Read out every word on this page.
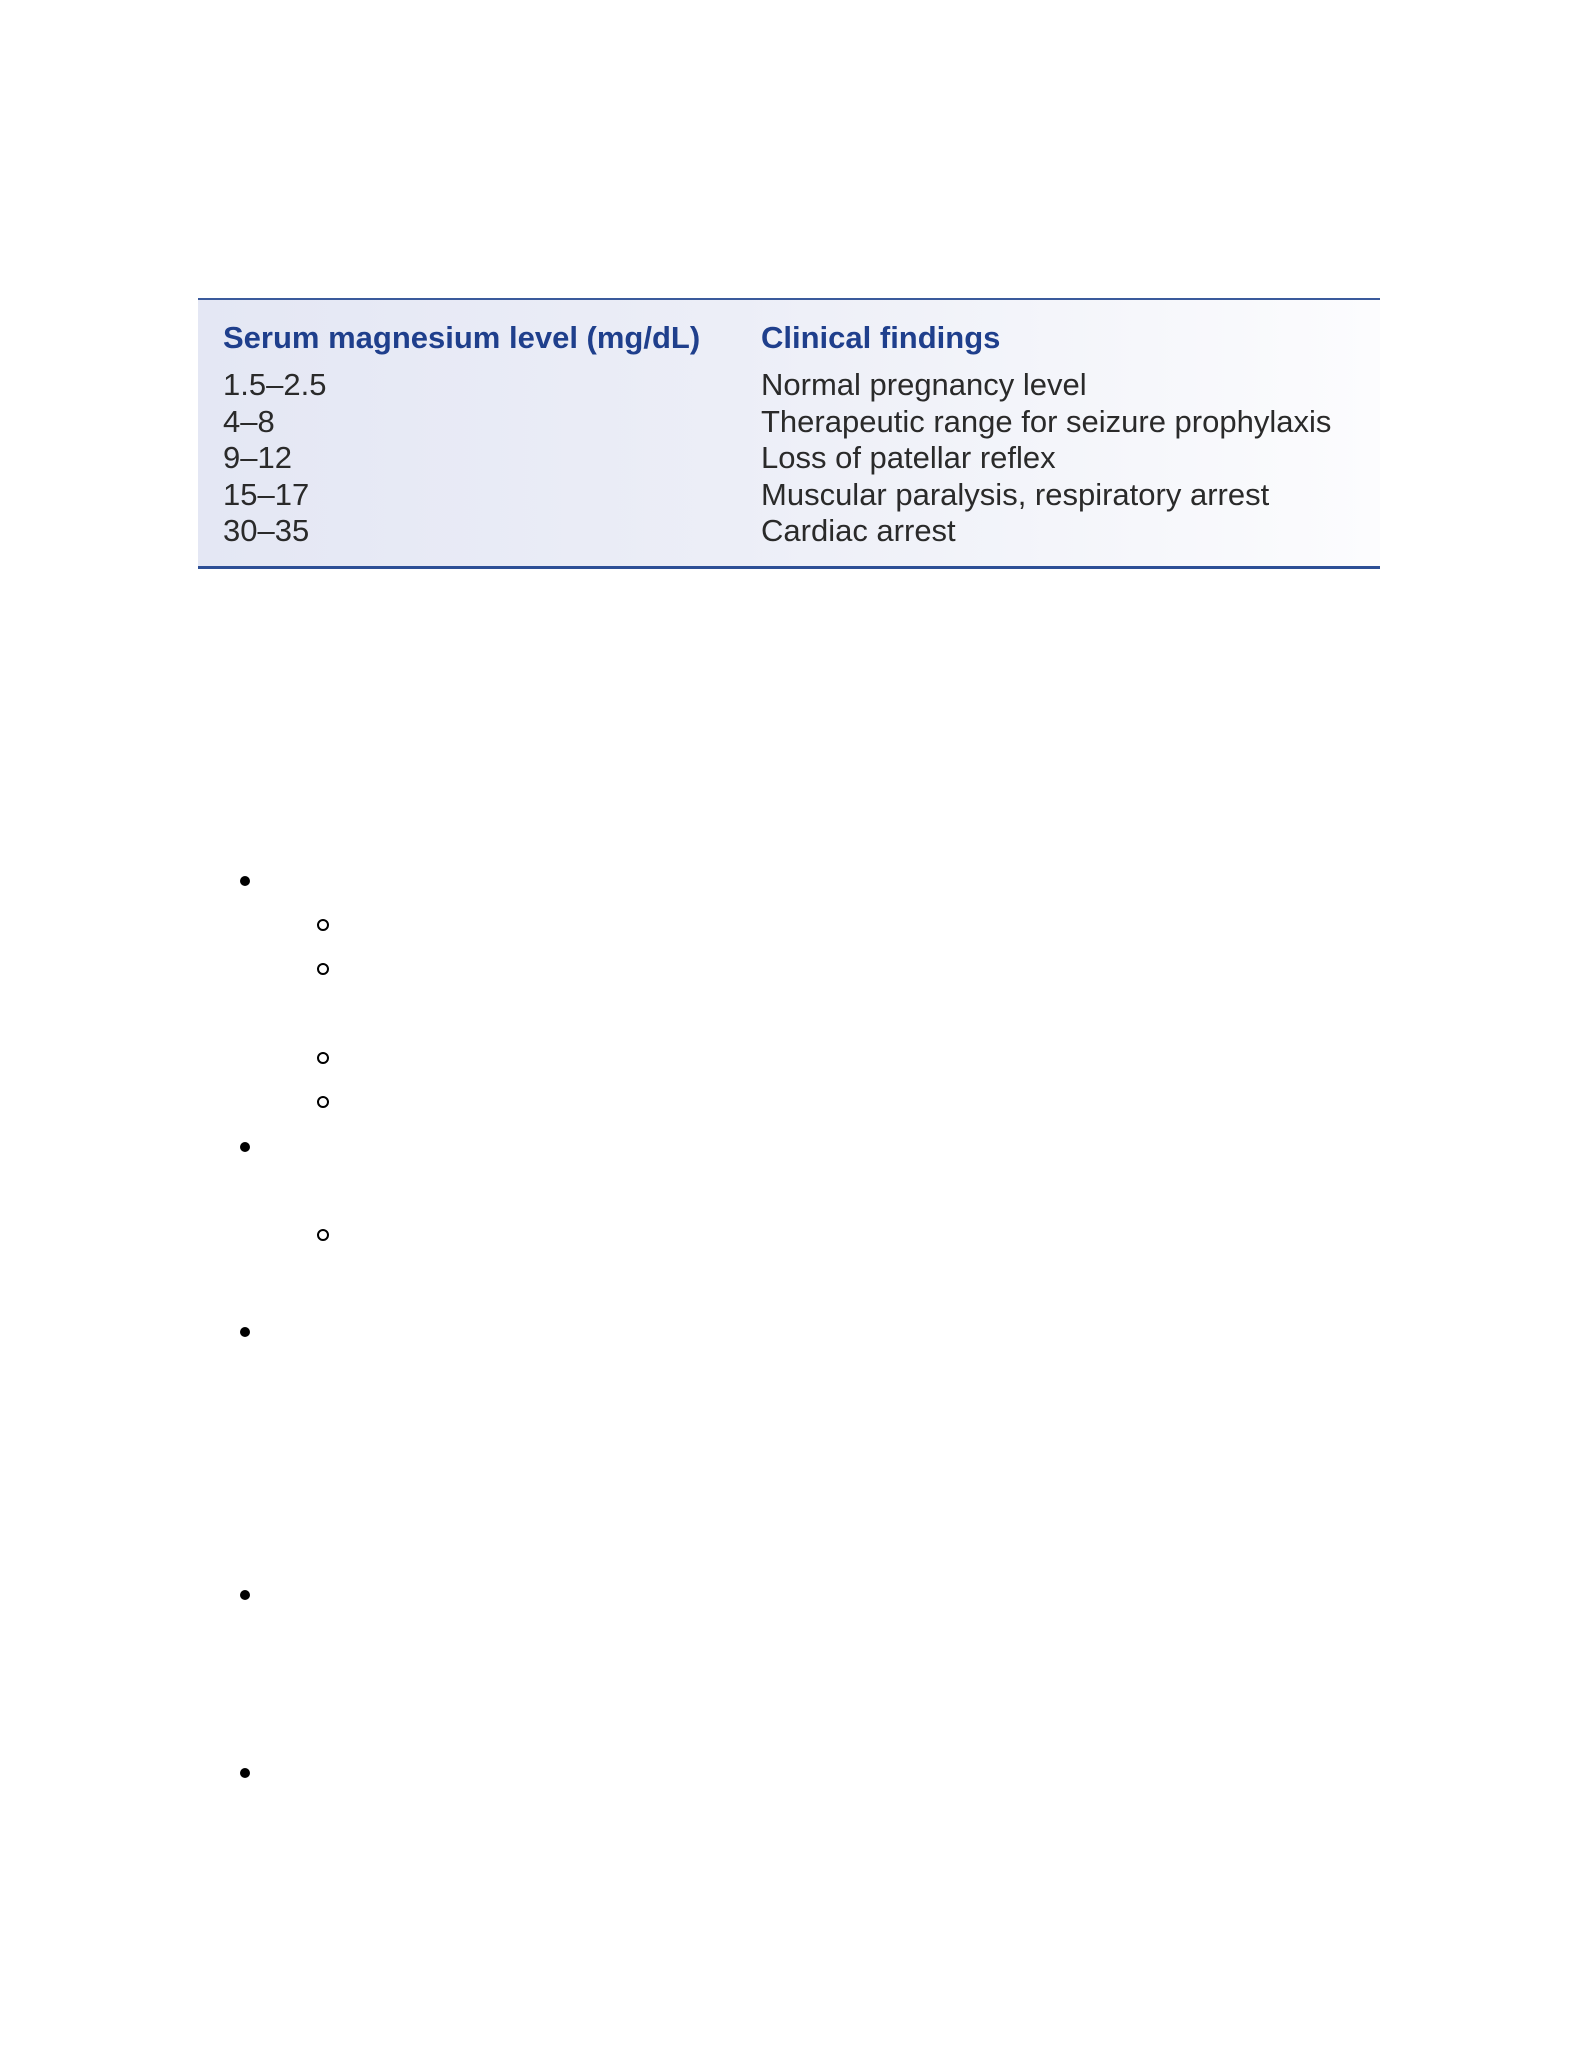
Serum magnesium level (mg/dL) Clinical findings
1.5–2.5	Normal pregnancy level
4–8	Therapeutic range for seizure prophylaxis
9–12	Loss of patellar reflex
15–17	Muscular paralysis, respiratory arrest
30–35	Cardiac arrest
